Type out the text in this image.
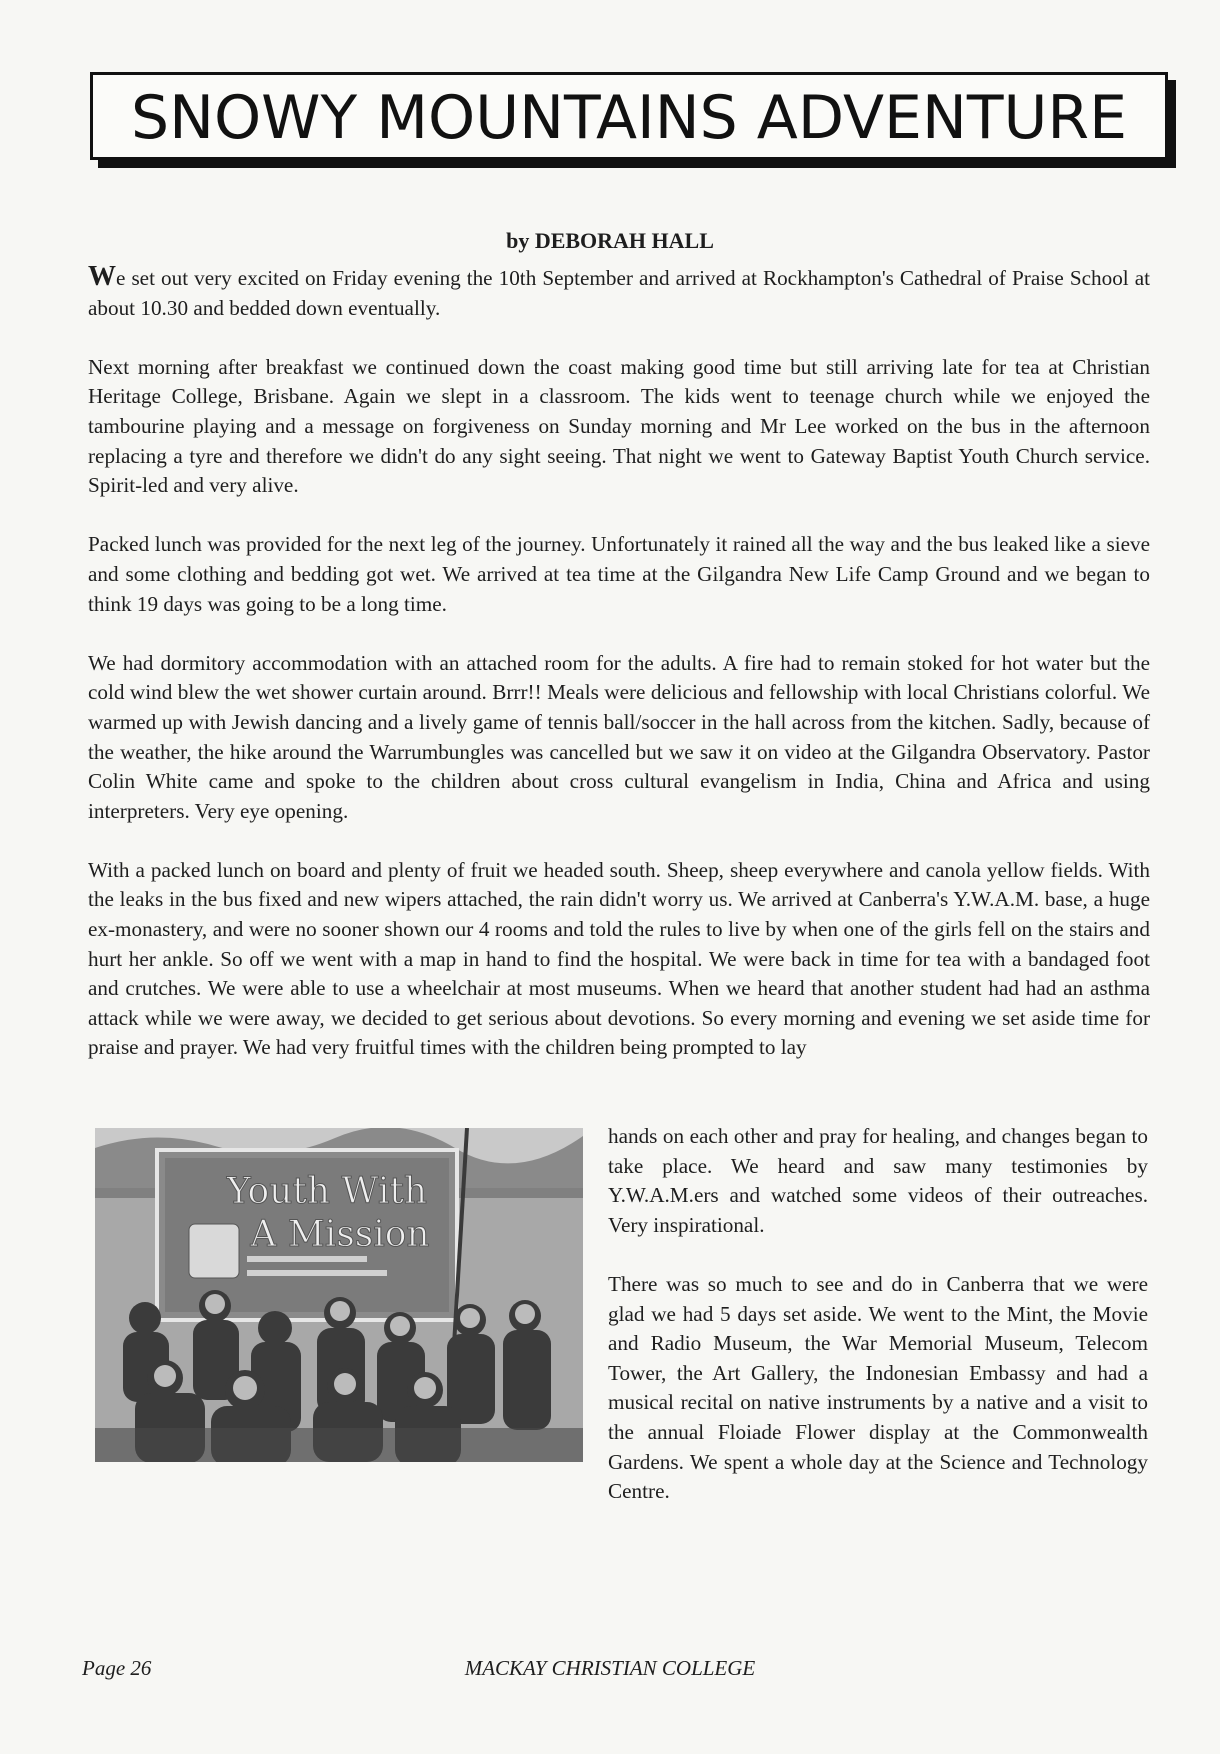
SNOWY MOUNTAINS ADVENTURE
by DEBORAH HALL

We set out very excited on Friday evening the 10th September and arrived at Rockhampton's Cathedral of Praise School at about 10.30 and bedded down eventually.

Next morning after breakfast we continued down the coast making good time but still arriving late for tea at Christian Heritage College, Brisbane. Again we slept in a classroom. The kids went to teenage church while we enjoyed the tambourine playing and a message on forgiveness on Sunday morning and Mr Lee worked on the bus in the afternoon replacing a tyre and therefore we didn't do any sight seeing. That night we went to Gateway Baptist Youth Church service. Spirit-led and very alive.

Packed lunch was provided for the next leg of the journey. Unfortunately it rained all the way and the bus leaked like a sieve and some clothing and bedding got wet. We arrived at tea time at the Gilgandra New Life Camp Ground and we began to think 19 days was going to be a long time.

We had dormitory accommodation with an attached room for the adults. A fire had to remain stoked for hot water but the cold wind blew the wet shower curtain around. Brrr!! Meals were delicious and fellowship with local Christians colorful. We warmed up with Jewish dancing and a lively game of tennis ball/soccer in the hall across from the kitchen. Sadly, because of the weather, the hike around the Warrumbungles was cancelled but we saw it on video at the Gilgandra Observatory. Pastor Colin White came and spoke to the children about cross cultural evangelism in India, China and Africa and using interpreters. Very eye opening.

With a packed lunch on board and plenty of fruit we headed south. Sheep, sheep everywhere and canola yellow fields. With the leaks in the bus fixed and new wipers attached, the rain didn't worry us. We arrived at Canberra's Y.W.A.M. base, a huge ex-monastery, and were no sooner shown our 4 rooms and told the rules to live by when one of the girls fell on the stairs and hurt her ankle. So off we went with a map in hand to find the hospital. We were back in time for tea with a bandaged foot and crutches. We were able to use a wheelchair at most museums. When we heard that another student had had an asthma attack while we were away, we decided to get serious about devotions. So every morning and evening we set aside time for praise and prayer. We had very fruitful times with the children being prompted to lay

Youth With
A Mission

hands on each other and pray for healing, and changes began to take place. We heard and saw many testimonies by Y.W.A.M.ers and watched some videos of their outreaches. Very inspirational.

There was so much to see and do in Canberra that we were glad we had 5 days set aside. We went to the Mint, the Movie and Radio Museum, the War Memorial Museum, Telecom Tower, the Art Gallery, the Indonesian Embassy and had a musical recital on native instruments by a native and a visit to the annual Floiade Flower display at the Commonwealth Gardens. We spent a whole day at the Science and Technology Centre.

Page 26	MACKAY CHRISTIAN COLLEGE
